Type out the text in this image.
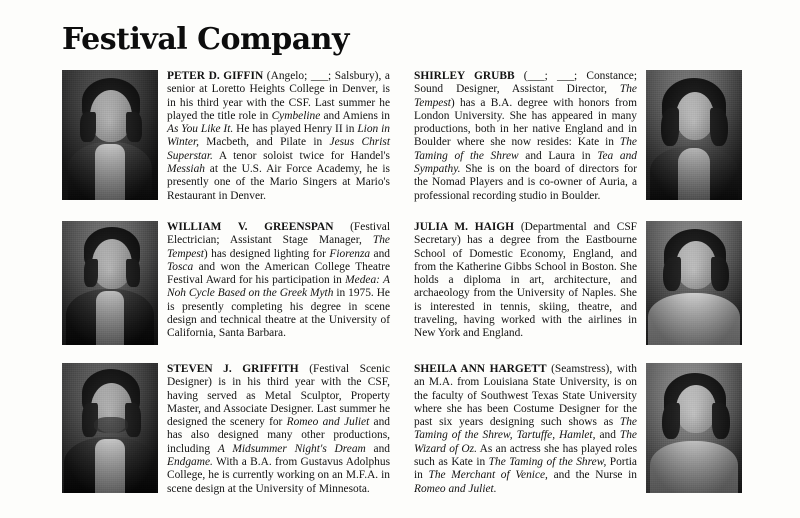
Festival Company
PETER D. GIFFIN (Angelo; ___; Salsbury), a senior at Loretto Heights College in Denver, is in his third year with the CSF. Last summer he played the title role in Cymbeline and Amiens in As You Like It. He has played Henry II in Lion in Winter, Macbeth, and Pilate in Jesus Christ Superstar. A tenor soloist twice for Handel's Messiah at the U.S. Air Force Academy, he is presently one of the Mario Singers at Mario's Restaurant in Denver.
WILLIAM V. GREENSPAN (Festival Electrician; Assistant Stage Manager, The Tempest) has designed lighting for Fiorenza and Tosca and won the American College Theatre Festival Award for his participation in Medea: A Noh Cycle Based on the Greek Myth in 1975. He is presently completing his degree in scene design and technical theatre at the University of California, Santa Barbara.
STEVEN J. GRIFFITH (Festival Scenic Designer) is in his third year with the CSF, having served as Metal Sculptor, Property Master, and Associate Designer. Last summer he designed the scenery for Romeo and Juliet and has also designed many other productions, including A Midsummer Night's Dream and Endgame. With a B.A. from Gustavus Adolphus College, he is currently working on an M.F.A. in scene design at the University of Minnesota.
SHIRLEY GRUBB (___; ___; Constance; Sound Designer, Assistant Director, The Tempest) has a B.A. degree with honors from London University. She has appeared in many productions, both in her native England and in Boulder where she now resides: Kate in The Taming of the Shrew and Laura in Tea and Sympathy. She is on the board of directors for the Nomad Players and is co-owner of Auria, a professional recording studio in Boulder.
JULIA M. HAIGH (Departmental and CSF Secretary) has a degree from the Eastbourne School of Domestic Economy, England, and from the Katherine Gibbs School in Boston. She holds a diploma in art, architecture, and archaeology from the University of Naples. She is interested in tennis, skiing, theatre, and traveling, having worked with the airlines in New York and England.
SHEILA ANN HARGETT (Seamstress), with an M.A. from Louisiana State University, is on the faculty of Southwest Texas State University where she has been Costume Designer for the past six years designing such shows as The Taming of the Shrew, Tartuffe, Hamlet, and The Wizard of Oz. As an actress she has played roles such as Kate in The Taming of the Shrew, Portia in The Merchant of Venice, and the Nurse in Romeo and Juliet.
